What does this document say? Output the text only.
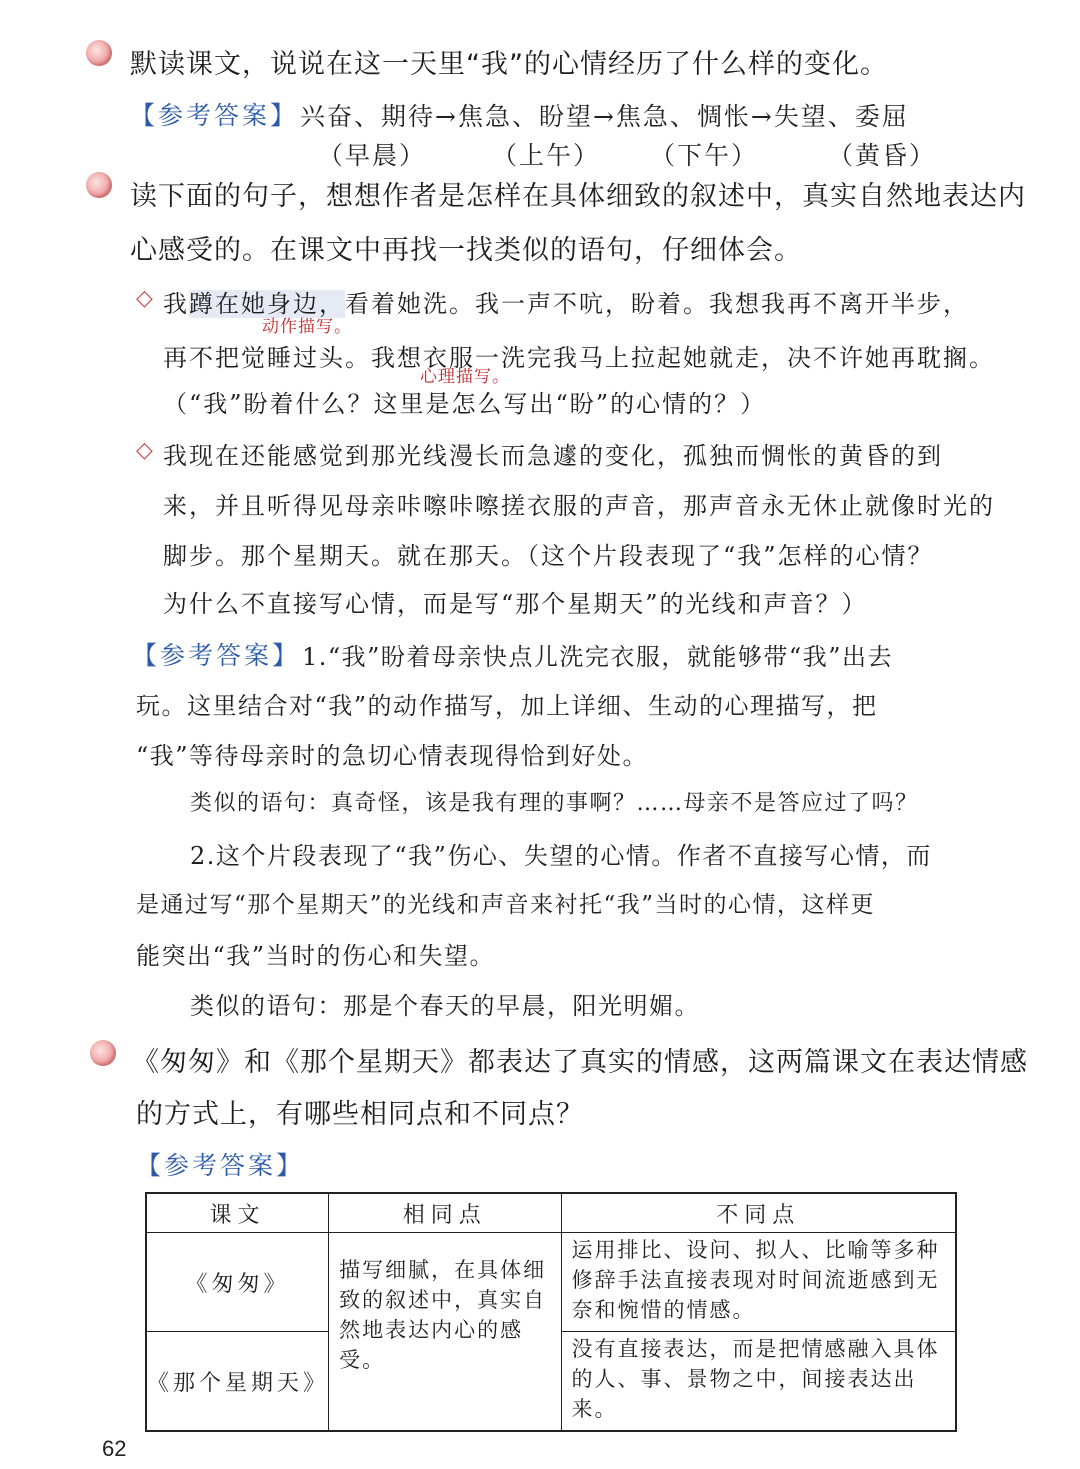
默读课文，说说在这一天里“我”的心情经历了什么样的变化。
【参考答案】 兴奋、期待→焦急、盼望→焦急、惆怅→失望、委屈
（早晨）	（上午） （下午）	（黄昏）
读下面的句子，想想作者是怎样在具体细致的叙述中，真实自然地表达内
心感受的。在课文中再找一找类似的语句，仔细体会。
◇ 我蹲在她身边，看着她洗。我一声不吭，盼着。我想我再不离开半步，
动作描写。
再不把觉睡过头。我想衣服一洗完我马上拉起她就走，决不许她再耽搁。
心理描写。
（“我”盼着什么？这里是怎么写出“盼”的心情的？）
◇ 我现在还能感觉到那光线漫长而急遽的变化，孤独而惆怅的黄昏的到
来，并且听得见母亲咔嚓咔嚓搓衣服的声音，那声音永无休止就像时光的
脚步。那个星期天。就在那天。（这个片段表现了“我”怎样的心情？
为什么不直接写心情，而是写“那个星期天”的光线和声音？）
【参考答案】 1.“我”盼着母亲快点儿洗完衣服，就能够带“我”出去
玩。这里结合对“我”的动作描写，加上详细、生动的心理描写，把
“我”等待母亲时的急切心情表现得恰到好处。
类似的语句：真奇怪，该是我有理的事啊？……母亲不是答应过了吗？
2.这个片段表现了“我”伤心、失望的心情。作者不直接写心情，而
是通过写“那个星期天”的光线和声音来衬托“我”当时的心情，这样更
能突出“我”当时的伤心和失望。
类似的语句：那是个春天的早晨，阳光明媚。
《匆匆》和《那个星期天》都表达了真实的情感，这两篇课文在表达情感
的方式上，有哪些相同点和不同点？
【参考答案】
课文	相同点	不同点
《匆匆》	描写细腻，在具体细致的叙述中，真实自然地表达内心的感受。	运用排比、设问、拟人、比喻等多种修辞手法直接表现对时间流逝感到无奈和惋惜的情感。

《那个星期天》		没有直接表达，而是把情感融入具体的人、事、景物之中，间接表达出来。
62
